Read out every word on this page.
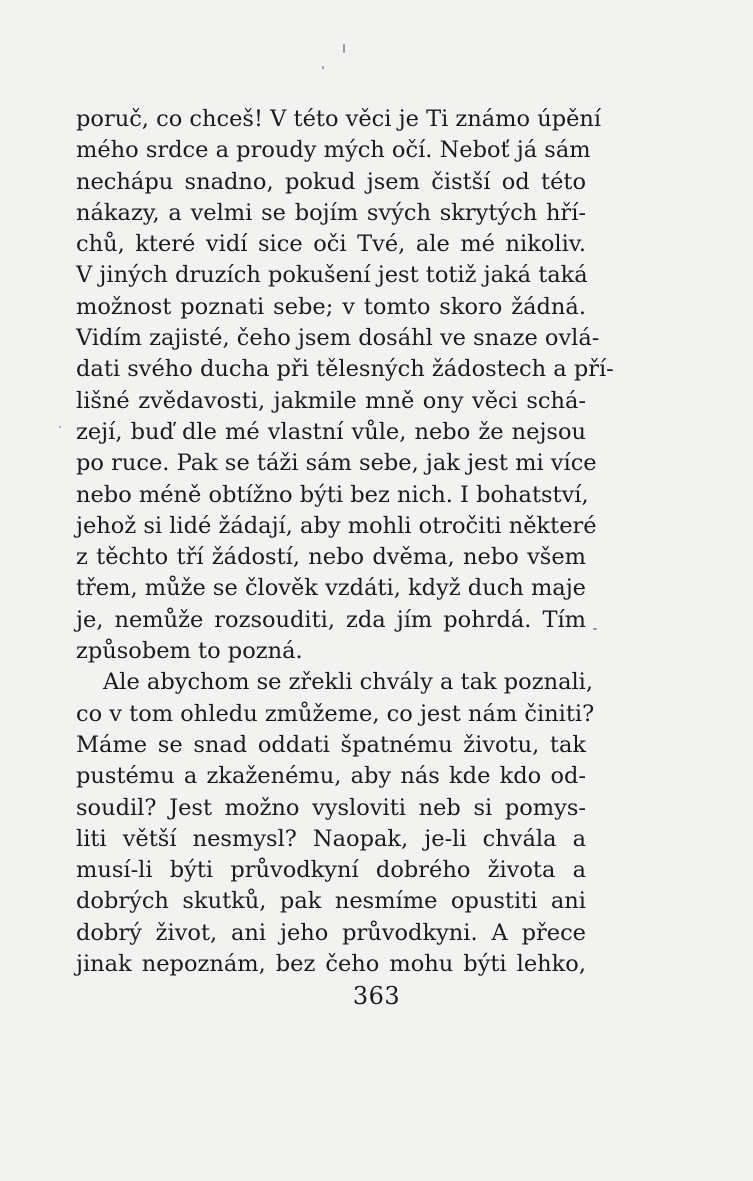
poruč, co chceš! V této věci je Ti známo úpění
mého srdce a proudy mých očí. Neboť já sám
nechápu snadno, pokud jsem čistší od této
nákazy, a velmi se bojím svých skrytých hří-
chů, které vidí sice oči Tvé, ale mé nikoliv.
V jiných druzích pokušení jest totiž jaká taká
možnost poznati sebe; v tomto skoro žádná.
Vidím zajisté, čeho jsem dosáhl ve snaze ovlá-
dati svého ducha při tělesných žádostech a pří-
lišné zvědavosti, jakmile mně ony věci schá-
zejí, buď dle mé vlastní vůle, nebo že nejsou
po ruce. Pak se táži sám sebe, jak jest mi více
nebo méně obtížno býti bez nich. I bohatství,
jehož si lidé žádají, aby mohli otročiti některé
z těchto tří žádostí, nebo dvěma, nebo všem
třem, může se člověk vzdáti, když duch maje
je, nemůže rozsouditi, zda jím pohrdá. Tím
způsobem to pozná.
Ale abychom se zřekli chvály a tak poznali,
co v tom ohledu zmůžeme, co jest nám činiti?
Máme se snad oddati špatnému životu, tak
pustému a zkaženému, aby nás kde kdo od-
soudil? Jest možno vysloviti neb si pomys-
liti větší nesmysl? Naopak, je-li chvála a
musí-li býti průvodkyní dobrého života a
dobrých skutků, pak nesmíme opustiti ani
dobrý život, ani jeho průvodkyni. A přece
jinak nepoznám, bez čeho mohu býti lehko,
363
